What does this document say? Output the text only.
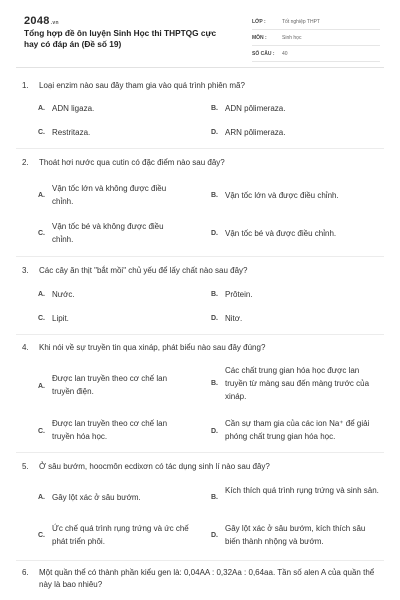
2048.vn
Tổng hợp đề ôn luyện Sinh Học thi THPTQG cực hay có đáp án (Đề số 19)
LỚP :	Tốt nghiệp THPT
MÔN :	Sinh học
SỐ CÂU :	40
1. Loại enzim nào sau đây tham gia vào quá trình phiên mã?
A. ADN ligaza.	B. ADN pôlimeraza.
C. Restritaza.	D. ARN pôlimeraza.
2. Thoát hơi nước qua cutin có đặc điểm nào sau đây?
A.
Vận tốc lớn và không được điều chỉnh.
B. Vận tốc lớn và được điều chỉnh.
C.
Vận tốc bé và không được điều chỉnh.
D. Vận tốc bé và được điều chỉnh.
3. Các cây ăn thịt "bắt mồi" chủ yếu để lấy chất nào sau đây?
A. Nước.	B. Prôtein.
C. Lipit.	D. Nitơ.
4. Khi nói về sự truyền tin qua xináp, phát biểu nào sau đây đúng?
A.
Được lan truyền theo cơ chế lan truyền điện.
B.
Các chất trung gian hóa học được lan truyền từ màng sau đến màng trước của xináp.
C.
Được lan truyền theo cơ chế lan truyền hóa học.
D.
Cần sự tham gia của các ion Na⁺ để giải phóng chất trung gian hóa học.
5. Ở sâu bướm, hoocmôn ecdixơn có tác dụng sinh lí nào sau đây?
A. Gây lột xác ở sâu bướm.	B.
Kích thích quá trình rụng trứng và sinh sản.
C.
Ức chế quá trình rụng trứng và ức chế phát triển phôi.
D.
Gây lột xác ở sâu bướm, kích thích sâu biến thành nhộng và bướm.
6. Một quần thể có thành phần kiểu gen là: 0,04AA : 0,32Aa : 0,64aa. Tần số alen A của quần thể này là bao nhiêu?
